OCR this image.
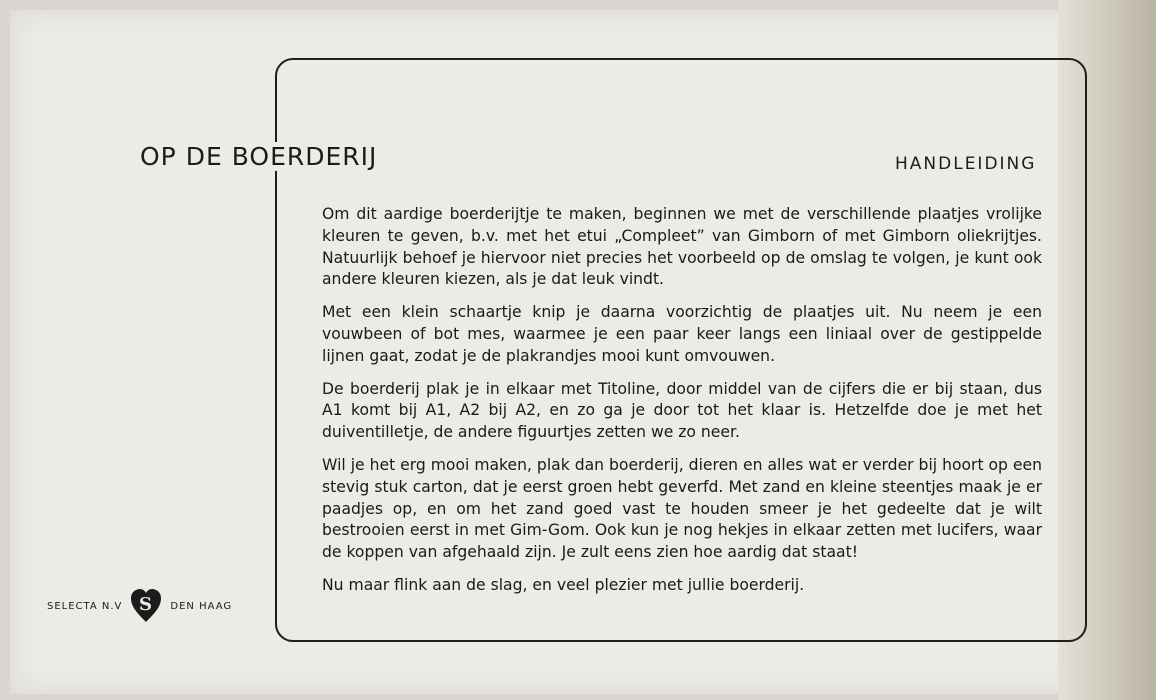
OP DE BOERDERIJ	HANDLEIDING

Om dit aardige boerderijtje te maken, beginnen we met de verschillende plaatjes vrolijke kleuren te geven, b.v. met het etui „Compleet” van Gimborn of met Gimborn oliekrijtjes. Natuurlijk behoef je hiervoor niet precies het voorbeeld op de omslag te volgen, je kunt ook andere kleuren kiezen, als je dat leuk vindt.

Met een klein schaartje knip je daarna voorzichtig de plaatjes uit. Nu neem je een vouwbeen of bot mes, waarmee je een paar keer langs een liniaal over de gestippelde lijnen gaat, zodat je de plakrandjes mooi kunt omvouwen.

De boerderij plak je in elkaar met Titoline, door middel van de cijfers die er bij staan, dus A1 komt bij A1, A2 bij A2, en zo ga je door tot het klaar is. Hetzelfde doe je met het duiventilletje, de andere figuurtjes zetten we zo neer.

Wil je het erg mooi maken, plak dan boerderij, dieren en alles wat er verder bij hoort op een stevig stuk carton, dat je eerst groen hebt geverfd. Met zand en kleine steentjes maak je er paadjes op, en om het zand goed vast te houden smeer je het gedeelte dat je wilt bestrooien eerst in met Gim-Gom. Ook kun je nog hekjes in elkaar zetten met lucifers, waar de koppen van afgehaald zijn. Je zult eens zien hoe aardig dat staat!

Nu maar flink aan de slag, en veel plezier met jullie boerderij.

SELECTA N.V S DEN HAAG
